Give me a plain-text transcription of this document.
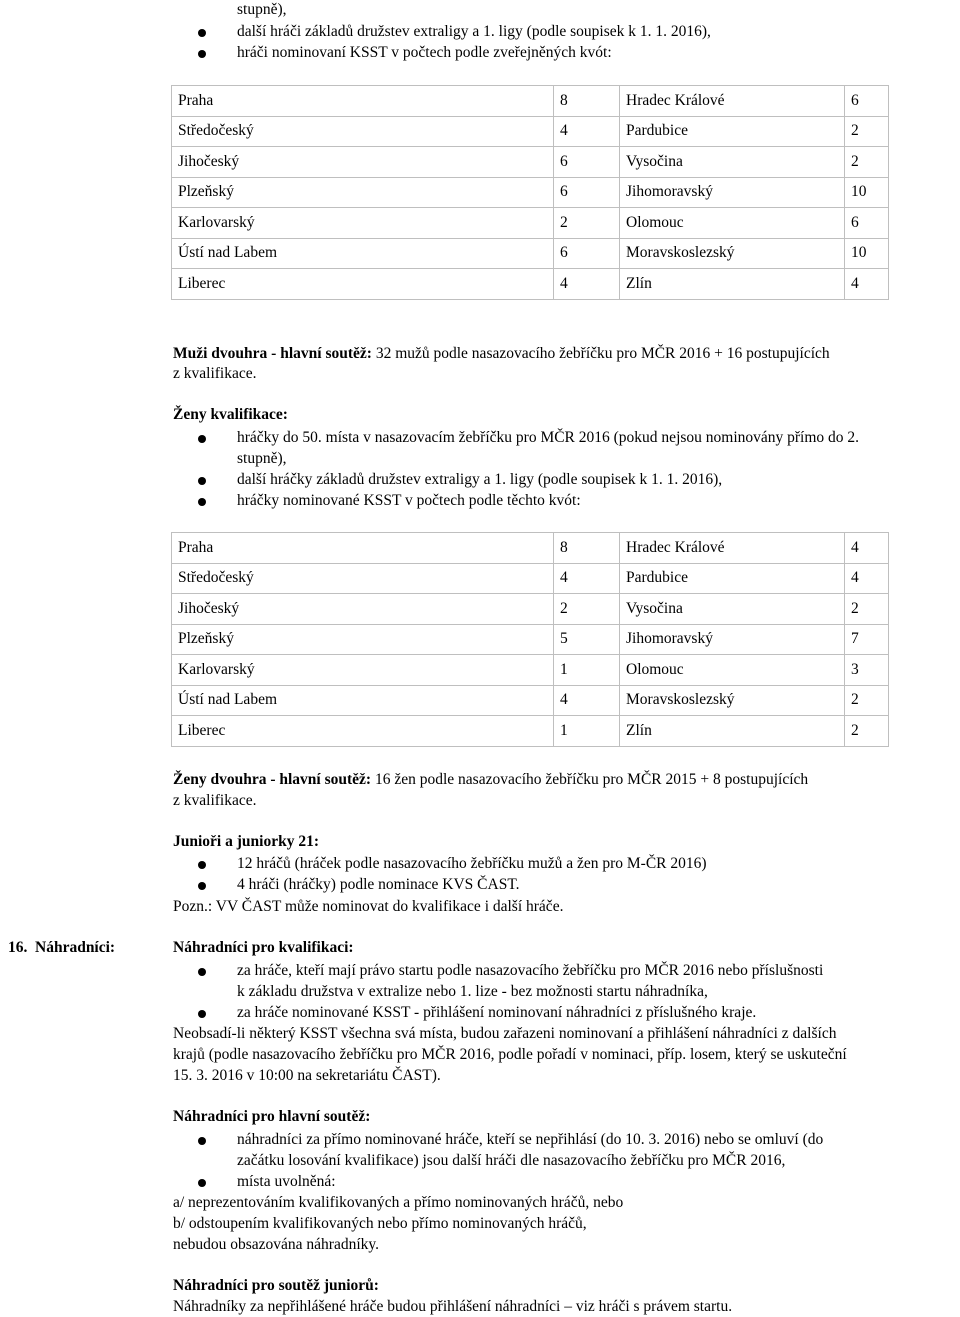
stupně),
další hráči základů družstev extraligy a 1. ligy (podle soupisek k 1. 1. 2016),
hráči nominovaní KSST v počtech podle zveřejněných kvót:
Praha	8	Hradec Králové	6
Středočeský	4	Pardubice	2
Jihočeský	6	Vysočina	2
Plzeňský	6	Jihomoravský	10
Karlovarský	2	Olomouc	6
Ústí nad Labem	6	Moravskoslezský	10
Liberec	4	Zlín	4
Muži dvouhra - hlavní soutěž: 32 mužů podle nasazovacího žebříčku pro MČR 2016 + 16 postupujících
z kvalifikace.
Ženy kvalifikace:
hráčky do 50. místa v nasazovacím žebříčku pro MČR 2016 (pokud nejsou nominovány přímo do 2.
stupně),
další hráčky základů družstev extraligy a 1. ligy (podle soupisek k 1. 1. 2016),
hráčky nominované KSST v počtech podle těchto kvót:
Praha	8	Hradec Králové	4
Středočeský	4	Pardubice	4
Jihočeský	2	Vysočina	2
Plzeňský	5	Jihomoravský	7
Karlovarský	1	Olomouc	3
Ústí nad Labem	4	Moravskoslezský	2
Liberec	1	Zlín	2
Ženy dvouhra - hlavní soutěž: 16 žen podle nasazovacího žebříčku pro MČR 2015 + 8 postupujících
z kvalifikace.
Junioři a juniorky 21:
12 hráčů (hráček podle nasazovacího žebříčku mužů a žen pro M-ČR 2016)
4 hráči (hráčky) podle nominace KVS ČAST.
Pozn.: VV ČAST může nominovat do kvalifikace i další hráče.
16. Náhradníci:	Náhradníci pro kvalifikaci:
za hráče, kteří mají právo startu podle nasazovacího žebříčku pro MČR 2016 nebo příslušnosti
k základu družstva v extralize nebo 1. lize - bez možnosti startu náhradníka,
za hráče nominované KSST - přihlášení nominovaní náhradníci z příslušného kraje.
Neobsadí-li některý KSST všechna svá místa, budou zařazeni nominovaní a přihlášení náhradníci z dalších
krajů (podle nasazovacího žebříčku pro MČR 2016, podle pořadí v nominaci, příp. losem, který se uskuteční
15. 3. 2016 v 10:00 na sekretariátu ČAST).
Náhradníci pro hlavní soutěž:
náhradníci za přímo nominované hráče, kteří se nepřihlásí (do 10. 3. 2016) nebo se omluví (do
začátku losování kvalifikace) jsou další hráči dle nasazovacího žebříčku pro MČR 2016,
místa uvolněná:
a/ neprezentováním kvalifikovaných a přímo nominovaných hráčů, nebo
b/ odstoupením kvalifikovaných nebo přímo nominovaných hráčů,
nebudou obsazována náhradníky.
Náhradníci pro soutěž juniorů:
Náhradníky za nepřihlášené hráče budou přihlášení náhradníci – viz hráči s právem startu.
